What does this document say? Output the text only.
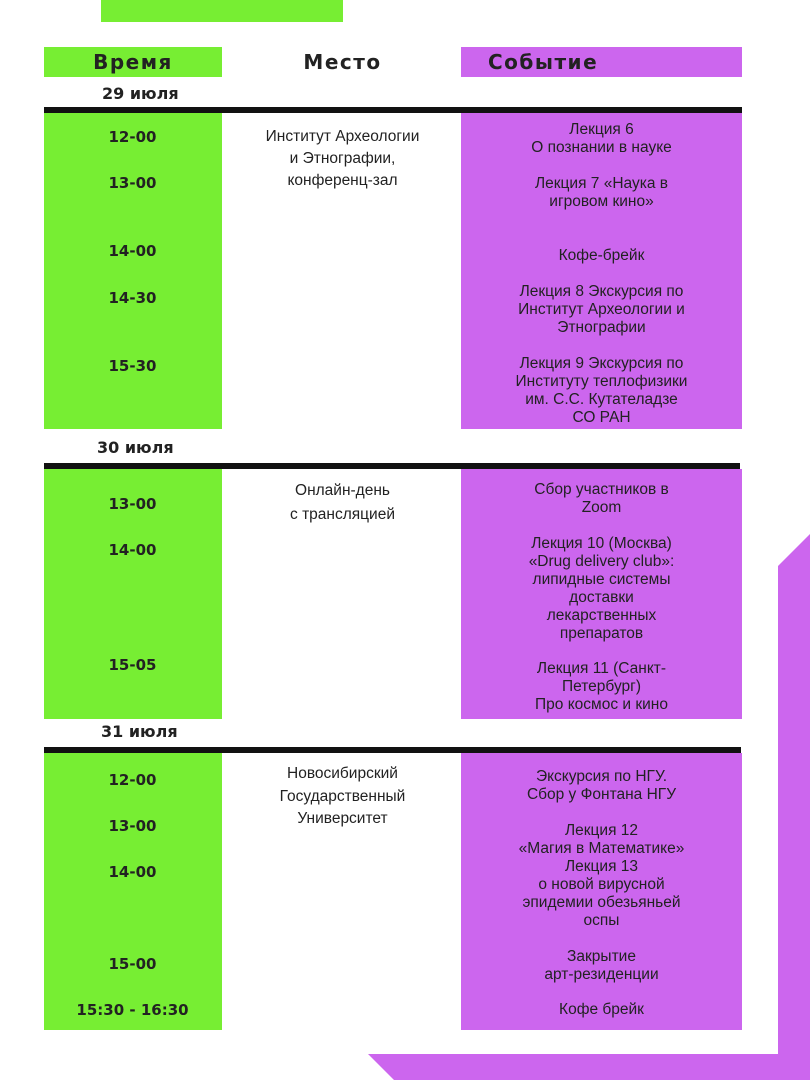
Время	Место	Событие
29 июля
12-00
13-00
14-00
14-30
15-30
Институт Археологии
и Этнографии,
конференц-зал
Лекция 6
О познании в науке
Лекция 7 «Наука в
игровом кино»
Кофе-брейк
Лекция 8 Экскурсия по
Институт Археологии и
Этнографии
Лекция 9 Экскурсия по
Институту теплофизики
им. С.С. Кутателадзе
СО РАН
30 июля
13-00
14-00
15-05
Онлайн-день
с трансляцией
Сбор участников в
Zoom
Лекция 10 (Москва)
«Drug delivery club»:
липидные системы
доставки
лекарственных
препаратов
Лекция 11 (Санкт-
Петербург)
Про космос и кино
31 июля
12-00
13-00
14-00
15-00
15:30 - 16:30
Новосибирский
Государственный
Университет
Экскурсия по НГУ.
Сбор у Фонтана НГУ
Лекция 12
«Магия в Математике»
Лекция 13
о новой вирусной
эпидемии обезьяньей
оспы
Закрытие
арт-резиденции
Кофе брейк
